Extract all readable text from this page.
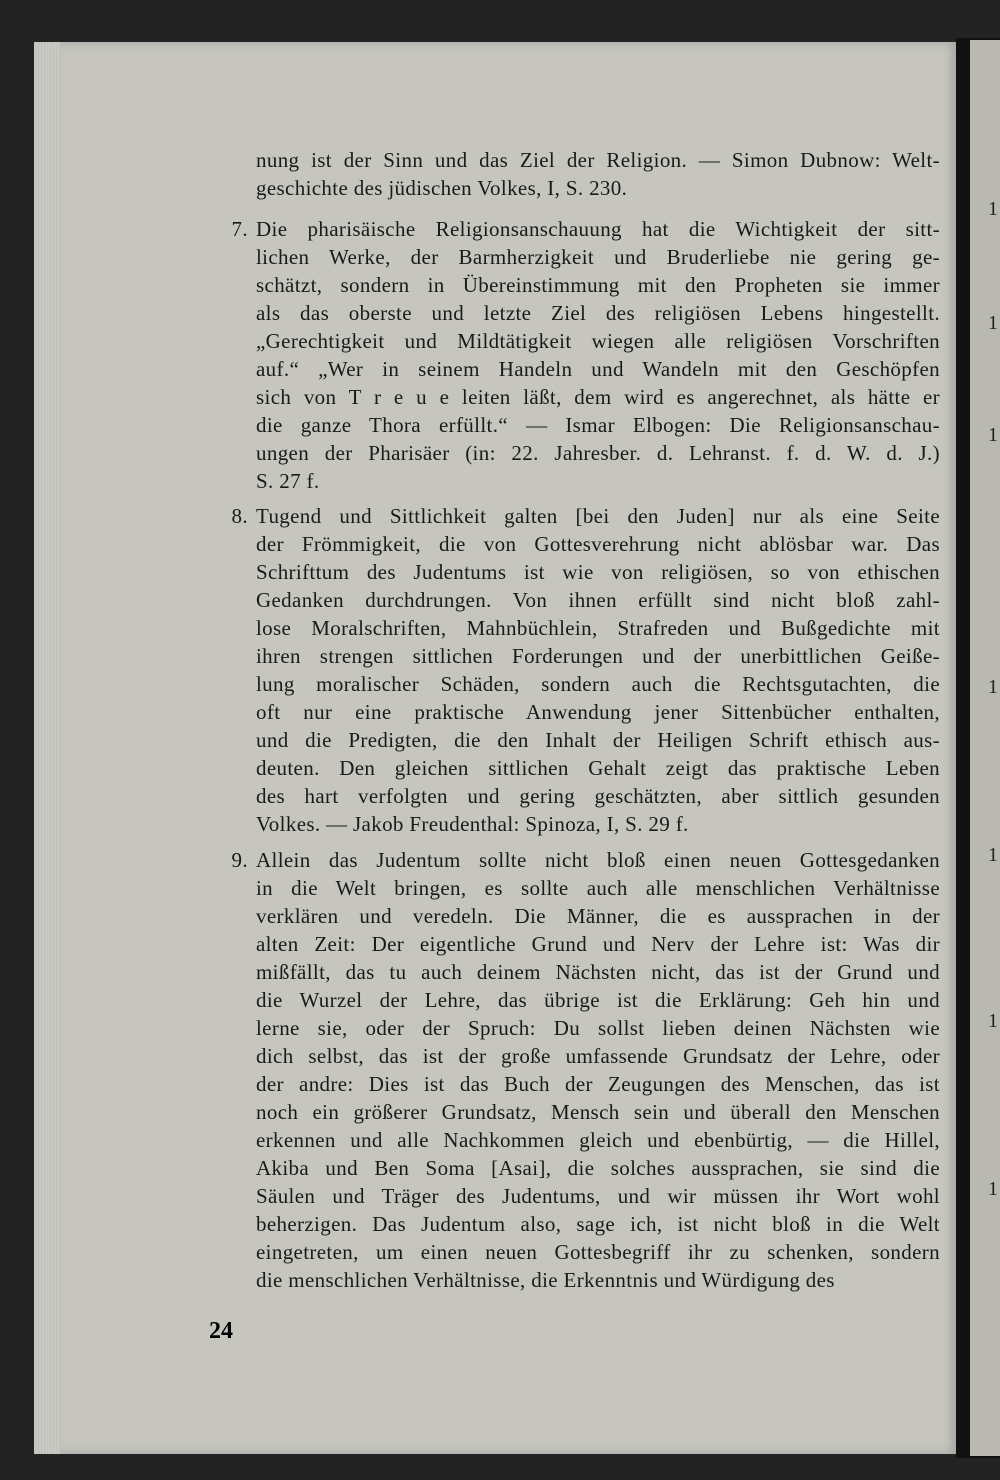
1
1
1
1
1
1
1
nung ist der Sinn und das Ziel der Religion. — Simon Dubnow: Welt-
geschichte des jüdischen Volkes, I, S. 230.
7. Die pharisäische Religionsanschauung hat die Wichtigkeit der sitt-
lichen Werke, der Barmherzigkeit und Bruderliebe nie gering ge-
schätzt, sondern in Übereinstimmung mit den Propheten sie immer
als das oberste und letzte Ziel des religiösen Lebens hingestellt.
„Gerechtigkeit und Mildtätigkeit wiegen alle religiösen Vorschriften
auf.“ „Wer in seinem Handeln und Wandeln mit den Geschöpfen
sich von T r e u e leiten läßt, dem wird es angerechnet, als hätte er
die ganze Thora erfüllt.“ — Ismar Elbogen: Die Religionsanschau-
ungen der Pharisäer (in: 22. Jahresber. d. Lehranst. f. d. W. d. J.)
S. 27 f.
8. Tugend und Sittlichkeit galten [bei den Juden] nur als eine Seite
der Frömmigkeit, die von Gottesverehrung nicht ablösbar war. Das
Schrifttum des Judentums ist wie von religiösen, so von ethischen
Gedanken durchdrungen. Von ihnen erfüllt sind nicht bloß zahl-
lose Moralschriften, Mahnbüchlein, Strafreden und Bußgedichte mit
ihren strengen sittlichen Forderungen und der unerbittlichen Geiße-
lung moralischer Schäden, sondern auch die Rechtsgutachten, die
oft nur eine praktische Anwendung jener Sittenbücher enthalten,
und die Predigten, die den Inhalt der Heiligen Schrift ethisch aus-
deuten. Den gleichen sittlichen Gehalt zeigt das praktische Leben
des hart verfolgten und gering geschätzten, aber sittlich gesunden
Volkes. — Jakob Freudenthal: Spinoza, I, S. 29 f.
9. Allein das Judentum sollte nicht bloß einen neuen Gottesgedanken
in die Welt bringen, es sollte auch alle menschlichen Verhältnisse
verklären und veredeln. Die Männer, die es aussprachen in der
alten Zeit: Der eigentliche Grund und Nerv der Lehre ist: Was dir
mißfällt, das tu auch deinem Nächsten nicht, das ist der Grund und
die Wurzel der Lehre, das übrige ist die Erklärung: Geh hin und
lerne sie, oder der Spruch: Du sollst lieben deinen Nächsten wie
dich selbst, das ist der große umfassende Grundsatz der Lehre, oder
der andre: Dies ist das Buch der Zeugungen des Menschen, das ist
noch ein größerer Grundsatz, Mensch sein und überall den Menschen
erkennen und alle Nachkommen gleich und ebenbürtig, — die Hillel,
Akiba und Ben Soma [Asai], die solches aussprachen, sie sind die
Säulen und Träger des Judentums, und wir müssen ihr Wort wohl
beherzigen. Das Judentum also, sage ich, ist nicht bloß in die Welt
eingetreten, um einen neuen Gottesbegriff ihr zu schenken, sondern
die menschlichen Verhältnisse, die Erkenntnis und Würdigung des
24
